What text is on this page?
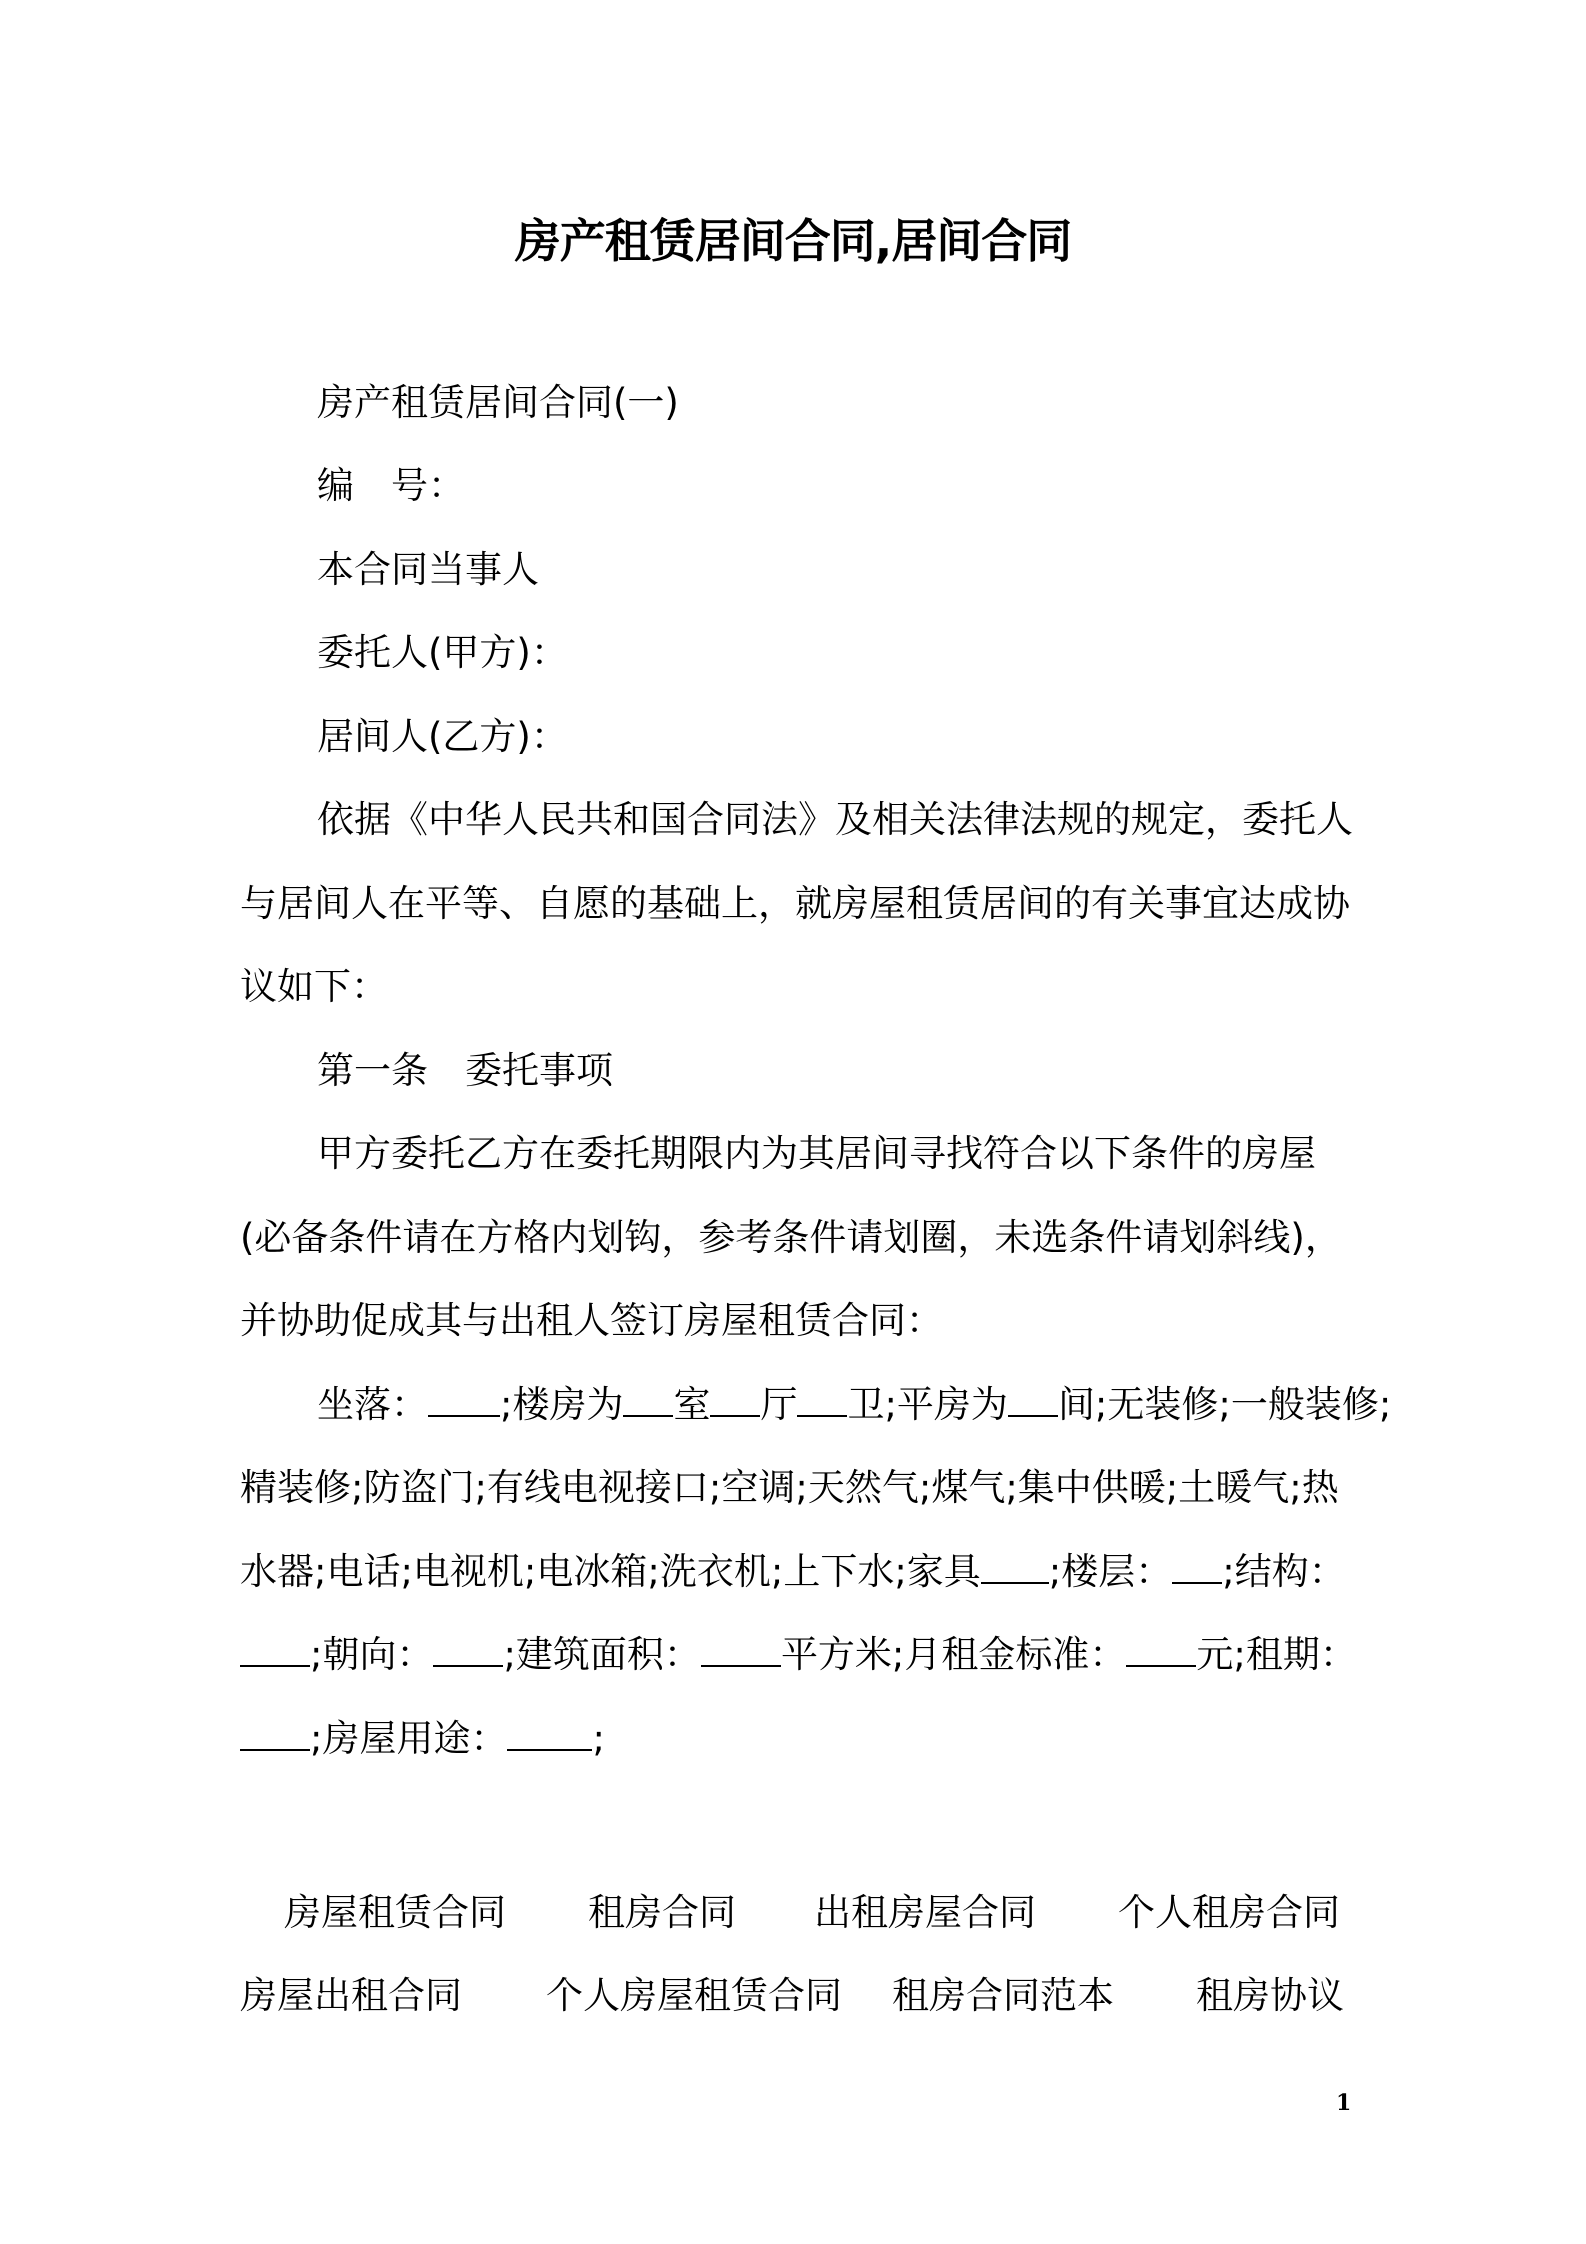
房产租赁居间合同,居间合同

房产租赁居间合同(一)

编　号：

本合同当事人

委托人(甲方)：

居间人(乙方)：

依据《中华人民共和国合同法》及相关法律法规的规定，委托人

与居间人在平等、自愿的基础上，就房屋租赁居间的有关事宜达成协

议如下：

第一条　委托事项

甲方委托乙方在委托期限内为其居间寻找符合以下条件的房屋

(必备条件请在方格内划钩，参考条件请划圈，未选条件请划斜线)，

并协助促成其与出租人签订房屋租赁合同：

坐落： ;楼房为 室 厅 卫;平房为 间;无装修;一般装修;

精装修;防盗门;有线电视接口;空调;天然气;煤气;集中供暖;土暖气;热

水器;电话;电视机;电冰箱;洗衣机;上下水;家具 ;楼层： ;结构：

;朝向： ;建筑面积： 平方米;月租金标准： 元;租期：

;房屋用途： ;

房屋租赁合同 租房合同 出租房屋合同 个人租房合同
房屋出租合同 个人房屋租赁合同 租房合同范本 租房协议
1
